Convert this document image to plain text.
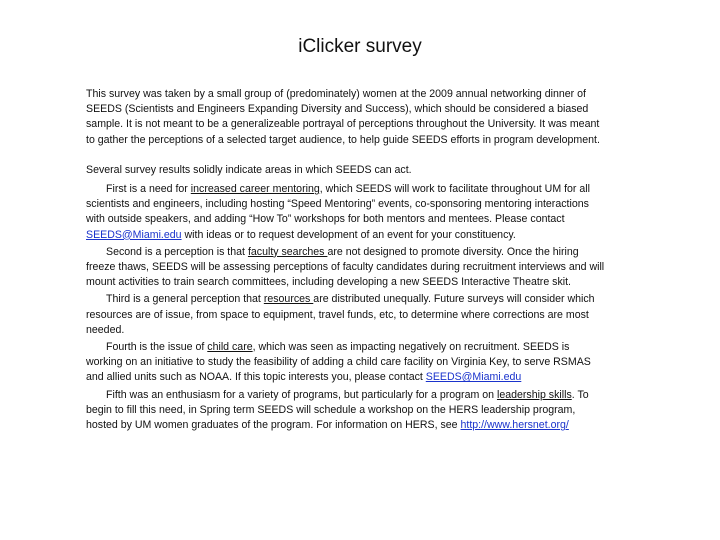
iClicker survey

This survey was taken by a small group of (predominately) women at the 2009 annual networking dinner of SEEDS (Scientists and Engineers Expanding Diversity and Success), which should be considered a biased sample. It is not meant to be a generalizeable portrayal of perceptions throughout the University. It was meant to gather the perceptions of a selected target audience, to help guide SEEDS efforts in program development.

Several survey results solidly indicate areas in which SEEDS can act.

First is a need for increased career mentoring, which SEEDS will work to facilitate throughout UM for all scientists and engineers, including hosting “Speed Mentoring” events, co-sponsoring mentoring interactions with outside speakers, and adding “How To” workshops for both mentors and mentees. Please contact SEEDS@Miami.edu with ideas or to request development of an event for your constituency.

Second is a perception is that faculty searches are not designed to promote diversity. Once the hiring freeze thaws, SEEDS will be assessing perceptions of faculty candidates during recruitment interviews and will mount activities to train search committees, including developing a new SEEDS Interactive Theatre skit.

Third is a general perception that resources are distributed unequally. Future surveys will consider which resources are of issue, from space to equipment, travel funds, etc, to determine where corrections are most needed.

Fourth is the issue of child care, which was seen as impacting negatively on recruitment. SEEDS is working on an initiative to study the feasibility of adding a child care facility on Virginia Key, to serve RSMAS and allied units such as NOAA. If this topic interests you, please contact SEEDS@Miami.edu

Fifth was an enthusiasm for a variety of programs, but particularly for a program on leadership skills. To begin to fill this need, in Spring term SEEDS will schedule a workshop on the HERS leadership program, hosted by UM women graduates of the program. For information on HERS, see http://www.hersnet.org/
